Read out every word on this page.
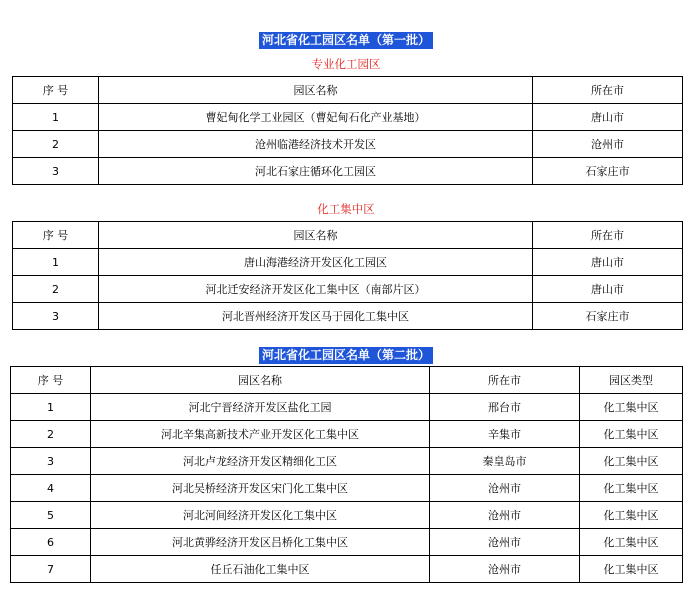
河北省化工园区名单（第一批）
专业化工园区
序 号	园区名称	所在市
1	曹妃甸化学工业园区（曹妃甸石化产业基地）	唐山市
2	沧州临港经济技术开发区	沧州市
3	河北石家庄循环化工园区	石家庄市
化工集中区
序 号	园区名称	所在市
1	唐山海港经济开发区化工园区	唐山市
2	河北迁安经济开发区化工集中区（南部片区）	唐山市
3	河北晋州经济开发区马于园化工集中区	石家庄市
河北省化工园区名单（第二批）
序 号	园区名称	所在市	园区类型
1	河北宁晋经济开发区盐化工园	邢台市	化工集中区
2	河北辛集高新技术产业开发区化工集中区	辛集市	化工集中区
3	河北卢龙经济开发区精细化工区	秦皇岛市	化工集中区
4	河北吴桥经济开发区宋门化工集中区	沧州市	化工集中区
5	河北河间经济开发区化工集中区	沧州市	化工集中区
6	河北黄骅经济开发区吕桥化工集中区	沧州市	化工集中区
7	任丘石油化工集中区	沧州市	化工集中区
